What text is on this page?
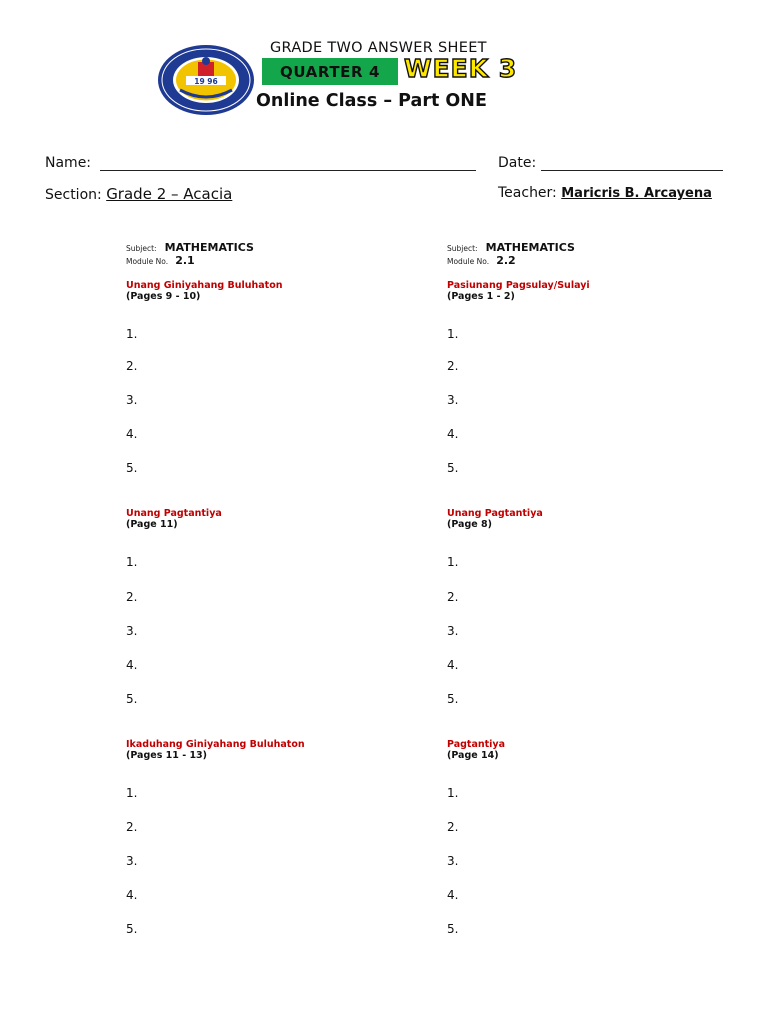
19 96
GRADE TWO ANSWER SHEET
QUARTER 4 WEEK 3
Online Class – Part ONE
Name:	Date:
Section: Grade 2 – Acacia	Teacher: Maricris B. Arcayena
Subject: MATHEMATICS
Module No. 2.1
Unang Giniyahang Buluhaton
(Pages 9 - 10)
1.
2.
3.
4.
5.
Unang Pagtantiya
(Page 11)
1.
2.
3.
4.
5.
Ikaduhang Giniyahang Buluhaton
(Pages 11 - 13)
1.
2.
3.
4.
5.
Subject: MATHEMATICS
Module No. 2.2
Pasiunang Pagsulay/Sulayi
(Pages 1 - 2)
1.
2.
3.
4.
5.
Unang Pagtantiya
(Page 8)
1.
2.
3.
4.
5.
Pagtantiya
(Page 14)
1.
2.
3.
4.
5.
